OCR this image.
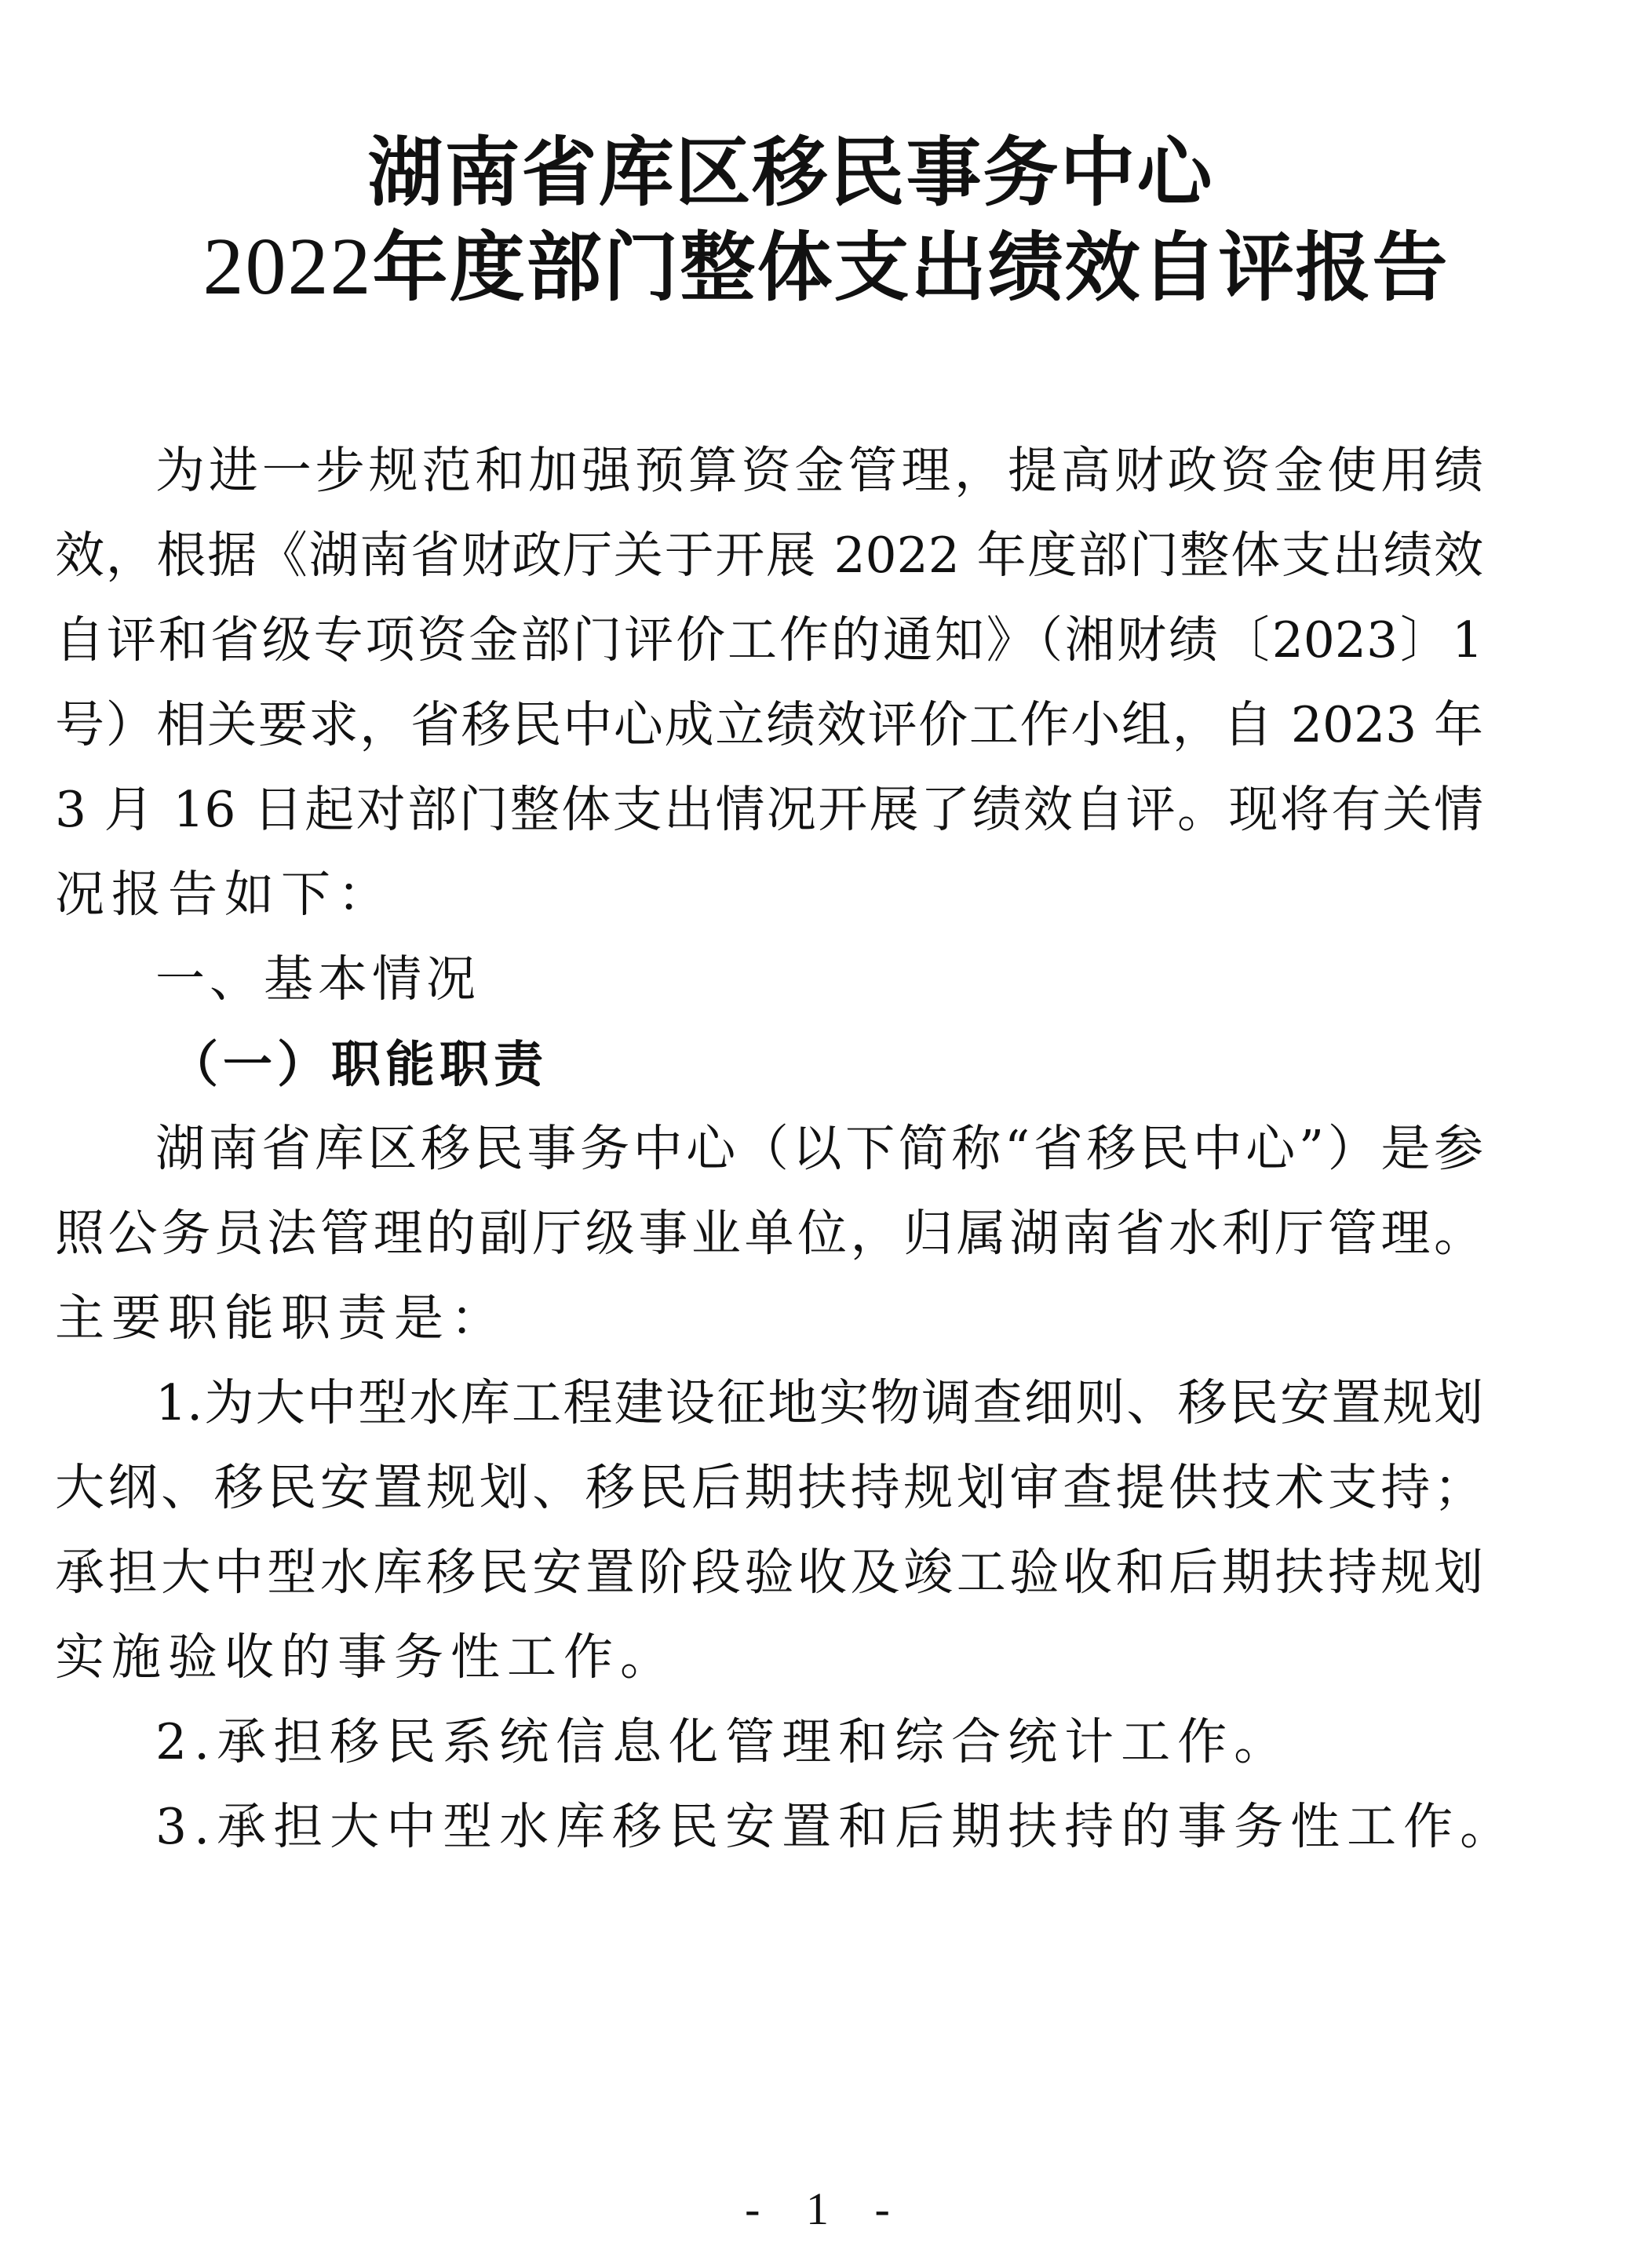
湖南省库区移民事务中心
2022年度部门整体支出绩效自评报告
为进一步规范和加强预算资金管理，提高财政资金使用绩
效，根据《湖南省财政厅关于开展 2022 年度部门整体支出绩效
自评和省级专项资金部门评价工作的通知》（湘财绩〔2023〕1
号）相关要求，省移民中心成立绩效评价工作小组，自 2023 年
3 月 16 日起对部门整体支出情况开展了绩效自评。现将有关情
况报告如下：
一、基本情况
（一）职能职责
湖南省库区移民事务中心（以下简称“省移民中心”）是参
照公务员法管理的副厅级事业单位，归属湖南省水利厅管理。
主要职能职责是：
1.为大中型水库工程建设征地实物调查细则、移民安置规划
大纲、移民安置规划、移民后期扶持规划审查提供技术支持；
承担大中型水库移民安置阶段验收及竣工验收和后期扶持规划
实施验收的事务性工作。
2.承担移民系统信息化管理和综合统计工作。
3.承担大中型水库移民安置和后期扶持的事务性工作。
- 1 -
